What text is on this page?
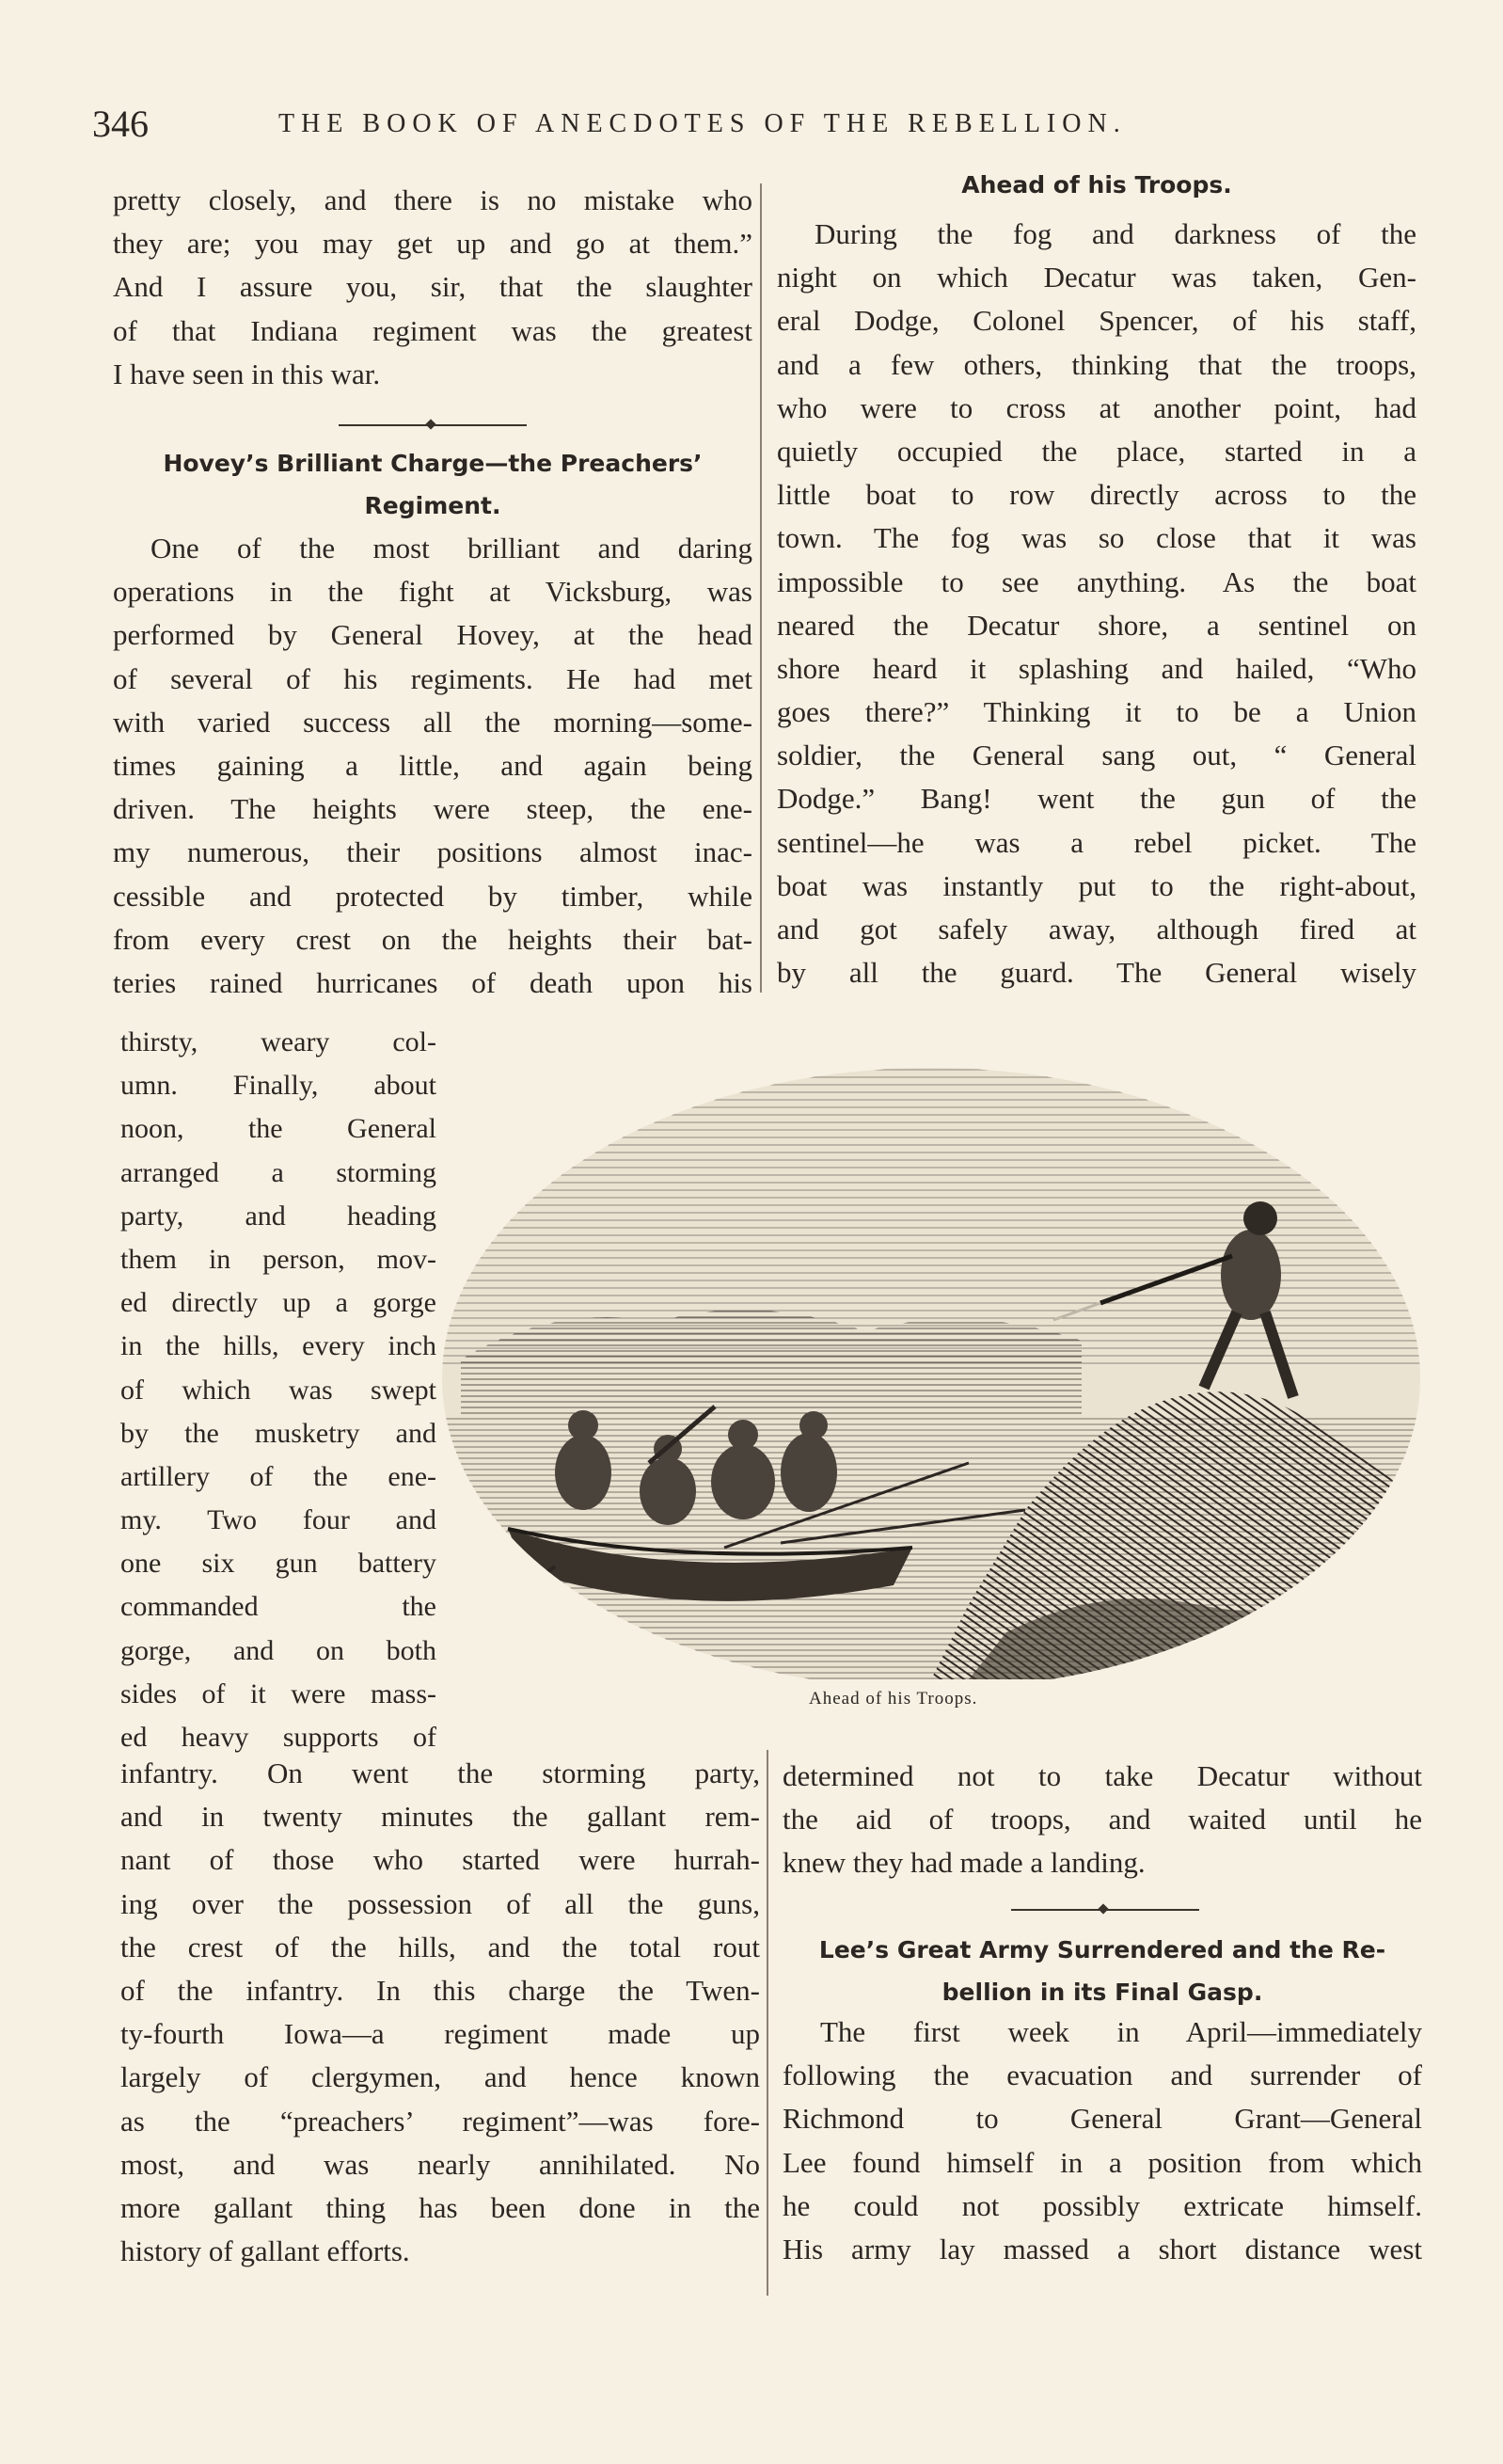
346	THE BOOK OF ANECDOTES OF THE REBELLION.
pretty closely, and there is no mistake who
they are; you may get up and go at them.”
And I assure you, sir, that the slaughter
of that Indiana regiment was the greatest
I have seen in this war.
Hovey’s Brilliant Charge—the Preachers’
Regiment.
One of the most brilliant and daring
operations in the fight at Vicksburg, was
performed by General Hovey, at the head
of several of his regiments. He had met
with varied success all the morning—some-
times gaining a little, and again being
driven. The heights were steep, the ene-
my numerous, their positions almost inac-
cessible and protected by timber, while
from every crest on the heights their bat-
teries rained hurricanes of death upon his
thirsty, weary col-
umn. Finally, about
noon, the General
arranged a storming
party, and heading
them in person, mov-
ed directly up a gorge
in the hills, every inch
of which was swept
by the musketry and
artillery of the ene-
my. Two four and
one six gun battery
commanded the
gorge, and on both
sides of it were mass-
ed heavy supports of
infantry. On went the storming party,
and in twenty minutes the gallant rem-
nant of those who started were hurrah-
ing over the possession of all the guns,
the crest of the hills, and the total rout
of the infantry. In this charge the Twen-
ty-fourth Iowa—a regiment made up
largely of clergymen, and hence known
as the “preachers’ regiment”—was fore-
most, and was nearly annihilated. No
more gallant thing has been done in the
history of gallant efforts.
Ahead of his Troops.
During the fog and darkness of the
night on which Decatur was taken, Gen-
eral Dodge, Colonel Spencer, of his staff,
and a few others, thinking that the troops,
who were to cross at another point, had
quietly occupied the place, started in a
little boat to row directly across to the
town. The fog was so close that it was
impossible to see anything. As the boat
neared the Decatur shore, a sentinel on
shore heard it splashing and hailed, “Who
goes there?” Thinking it to be a Union
soldier, the General sang out, “ General
Dodge.” Bang! went the gun of the
sentinel—he was a rebel picket. The
boat was instantly put to the right-about,
and got safely away, although fired at
by all the guard. The General wisely
Ahead of his Troops.
determined not to take Decatur without
the aid of troops, and waited until he
knew they had made a landing.
Lee’s Great Army Surrendered and the Re-
bellion in its Final Gasp.
The first week in April—immediately
following the evacuation and surrender of
Richmond to General Grant—General
Lee found himself in a position from which
he could not possibly extricate himself.
His army lay massed a short distance west
